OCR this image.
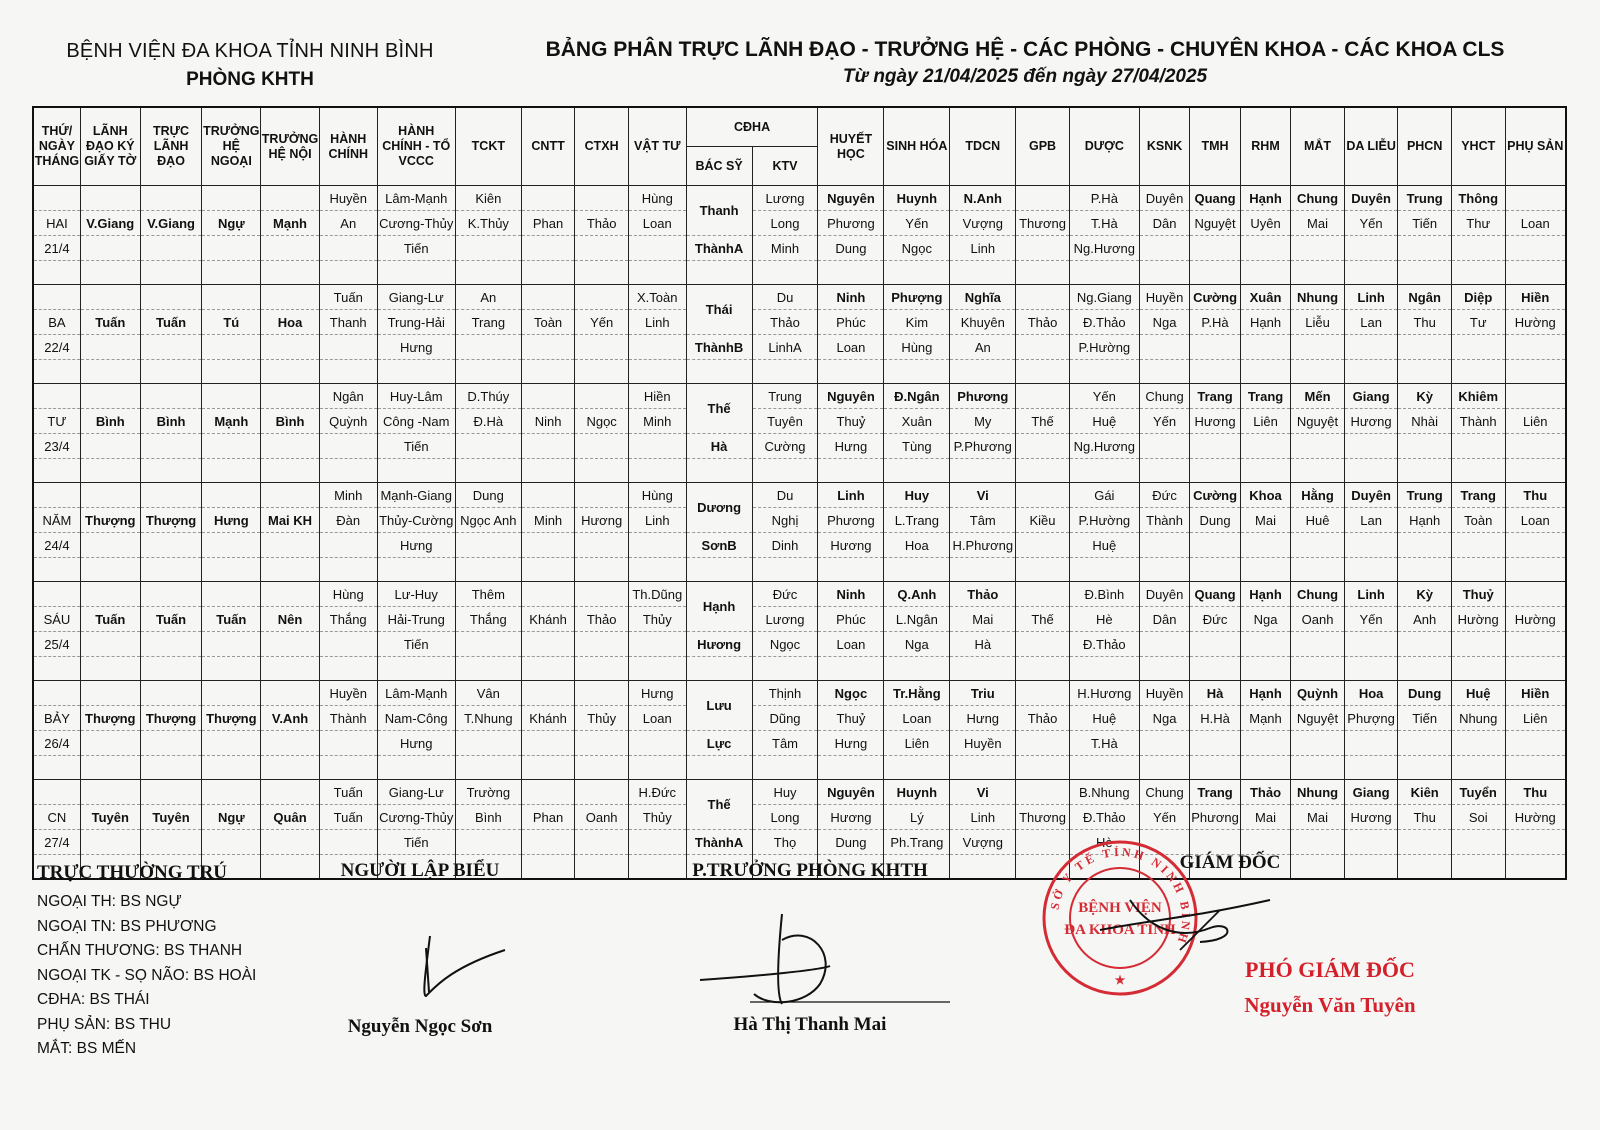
BỆNH VIỆN ĐA KHOA TỈNH NINH BÌNH
PHÒNG KHTH
BẢNG PHÂN TRỰC LÃNH ĐẠO - TRƯỞNG HỆ - CÁC PHÒNG - CHUYÊN KHOA - CÁC KHOA CLS
Từ ngày 21/04/2025 đến ngày 27/04/2025
THỨ/ NGÀY THÁNG	LÃNH ĐẠO KÝ GIẤY TỜ	TRỰC LÃNH ĐẠO	TRƯỞNG HỆ NGOẠI	TRƯỞNG HỆ NỘI	HÀNH CHÍNH	HÀNH CHÍNH - TỔ VCCC	TCKT	CNTT	CTXH	VẬT TƯ	CĐHA		HUYẾT HỌC	SINH HÓA	TDCN	GPB	DƯỢC	KSNK	TMH	RHM	MẮT	DA LIỄU	PHCN	YHCT	PHỤ SẢN
											BÁC SỸ	KTV													
					Huyền	Lâm-Mạnh	Kiên			Hùng	Thanh	Lương	Nguyên	Huynh	N.Anh		P.Hà	Duyên	Quang	Hạnh	Chung	Duyên	Trung	Thông	
HAI	V.Giang	V.Giang	Ngự	Mạnh	An	Cương-Thủy	K.Thủy	Phan	Thảo	Loan		Long	Phương	Yến	Vượng	Thương	T.Hà	Dân	Nguyệt	Uyên	Mai	Yến	Tiến	Thư	Loan
21/4						Tiến					ThànhA	Minh	Dung	Ngọc	Linh		Ng.Hương								

					Tuấn	Giang-Lư	An			X.Toàn	Thái	Du	Ninh	Phượng	Nghĩa		Ng.Giang	Huyền	Cường	Xuân	Nhung	Linh	Ngân	Diệp	Hiền
BA	Tuấn	Tuấn	Tú	Hoa	Thanh	Trung-Hải	Trang	Toàn	Yến	Linh		Thảo	Phúc	Kim	Khuyên	Thảo	Đ.Thảo	Nga	P.Hà	Hạnh	Liễu	Lan	Thu	Tư	Hường
22/4						Hưng					ThànhB	LinhA	Loan	Hùng	An		P.Hường								

					Ngân	Huy-Lâm	D.Thúy			Hiền	Thế	Trung	Nguyên	Đ.Ngân	Phương		Yến	Chung	Trang	Trang	Mến	Giang	Kỳ	Khiêm	
TƯ	Bình	Bình	Mạnh	Bình	Quỳnh	Công -Nam	Đ.Hà	Ninh	Ngọc	Minh		Tuyên	Thuỷ	Xuân	My	Thế	Huệ	Yến	Hương	Liên	Nguyệt	Hương	Nhài	Thành	Liên
23/4						Tiến					Hà	Cường	Hưng	Tùng	P.Phương		Ng.Hương								

					Minh	Mạnh-Giang	Dung			Hùng	Dương	Du	Linh	Huy	Vi		Gái	Đức	Cường	Khoa	Hằng	Duyên	Trung	Trang	Thu
NĂM	Thượng	Thượng	Hưng	Mai KH	Đàn	Thủy-Cường	Ngọc Anh	Minh	Hương	Linh		Nghị	Phương	L.Trang	Tâm	Kiều	P.Hường	Thành	Dung	Mai	Huê	Lan	Hạnh	Toàn	Loan
24/4						Hưng					SơnB	Dinh	Hương	Hoa	H.Phương		Huệ								

					Hùng	Lư-Huy	Thêm			Th.Dũng	Hạnh	Đức	Ninh	Q.Anh	Thảo		Đ.Bình	Duyên	Quang	Hạnh	Chung	Linh	Kỳ	Thuỷ	
SÁU	Tuấn	Tuấn	Tuấn	Nên	Thắng	Hải-Trung	Thắng	Khánh	Thảo	Thủy		Lương	Phúc	L.Ngân	Mai	Thế	Hè	Dân	Đức	Nga	Oanh	Yến	Anh	Hường	Hường
25/4						Tiến					Hương	Ngọc	Loan	Nga	Hà		Đ.Thảo								

					Huyền	Lâm-Mạnh	Vân			Hưng	Lưu	Thịnh	Ngọc	Tr.Hằng	Triu		H.Hương	Huyền	Hà	Hạnh	Quỳnh	Hoa	Dung	Huệ	Hiền
BẢY	Thượng	Thượng	Thượng	V.Anh	Thành	Nam-Công	T.Nhung	Khánh	Thủy	Loan		Dũng	Thuỷ	Loan	Hưng	Thảo	Huệ	Nga	H.Hà	Mạnh	Nguyệt	Phượng	Tiến	Nhung	Liên
26/4						Hưng					Lực	Tâm	Hưng	Liên	Huyền		T.Hà								

					Tuấn	Giang-Lư	Trường			H.Đức	Thế	Huy	Nguyên	Huynh	Vi		B.Nhung	Chung	Trang	Thảo	Nhung	Giang	Kiên	Tuyển	Thu
CN	Tuyên	Tuyên	Ngự	Quân	Tuấn	Cương-Thủy	Bình	Phan	Oanh	Thủy		Long	Hương	Lý	Linh	Thương	Đ.Thảo	Yến	Phương	Mai	Mai	Hương	Thu	Soi	Hường
27/4						Tiến					ThànhA	Thọ	Dung	Ph.Trang	Vượng		Hè								

TRỰC THƯỜNG TRÚ
NGOẠI TH: BS NGỰ
NGOẠI TN: BS PHƯƠNG
CHẤN THƯƠNG: BS THANH
NGOẠI TK - SỌ NÃO: BS HOÀI
CĐHA: BS THÁI
PHỤ SẢN: BS THU
MẮT: BS MẾN
NGƯỜI LẬP BIỂU
Nguyễn Ngọc Sơn
P.TRƯỞNG PHÒNG KHTH
Hà Thị Thanh Mai
SỞ Y TẾ TỈNH NINH BÌNH
BỆNH VIỆN
ĐA KHOA TỈNH
★
GIÁM ĐỐC
PHÓ GIÁM ĐỐC
Nguyễn Văn Tuyên
